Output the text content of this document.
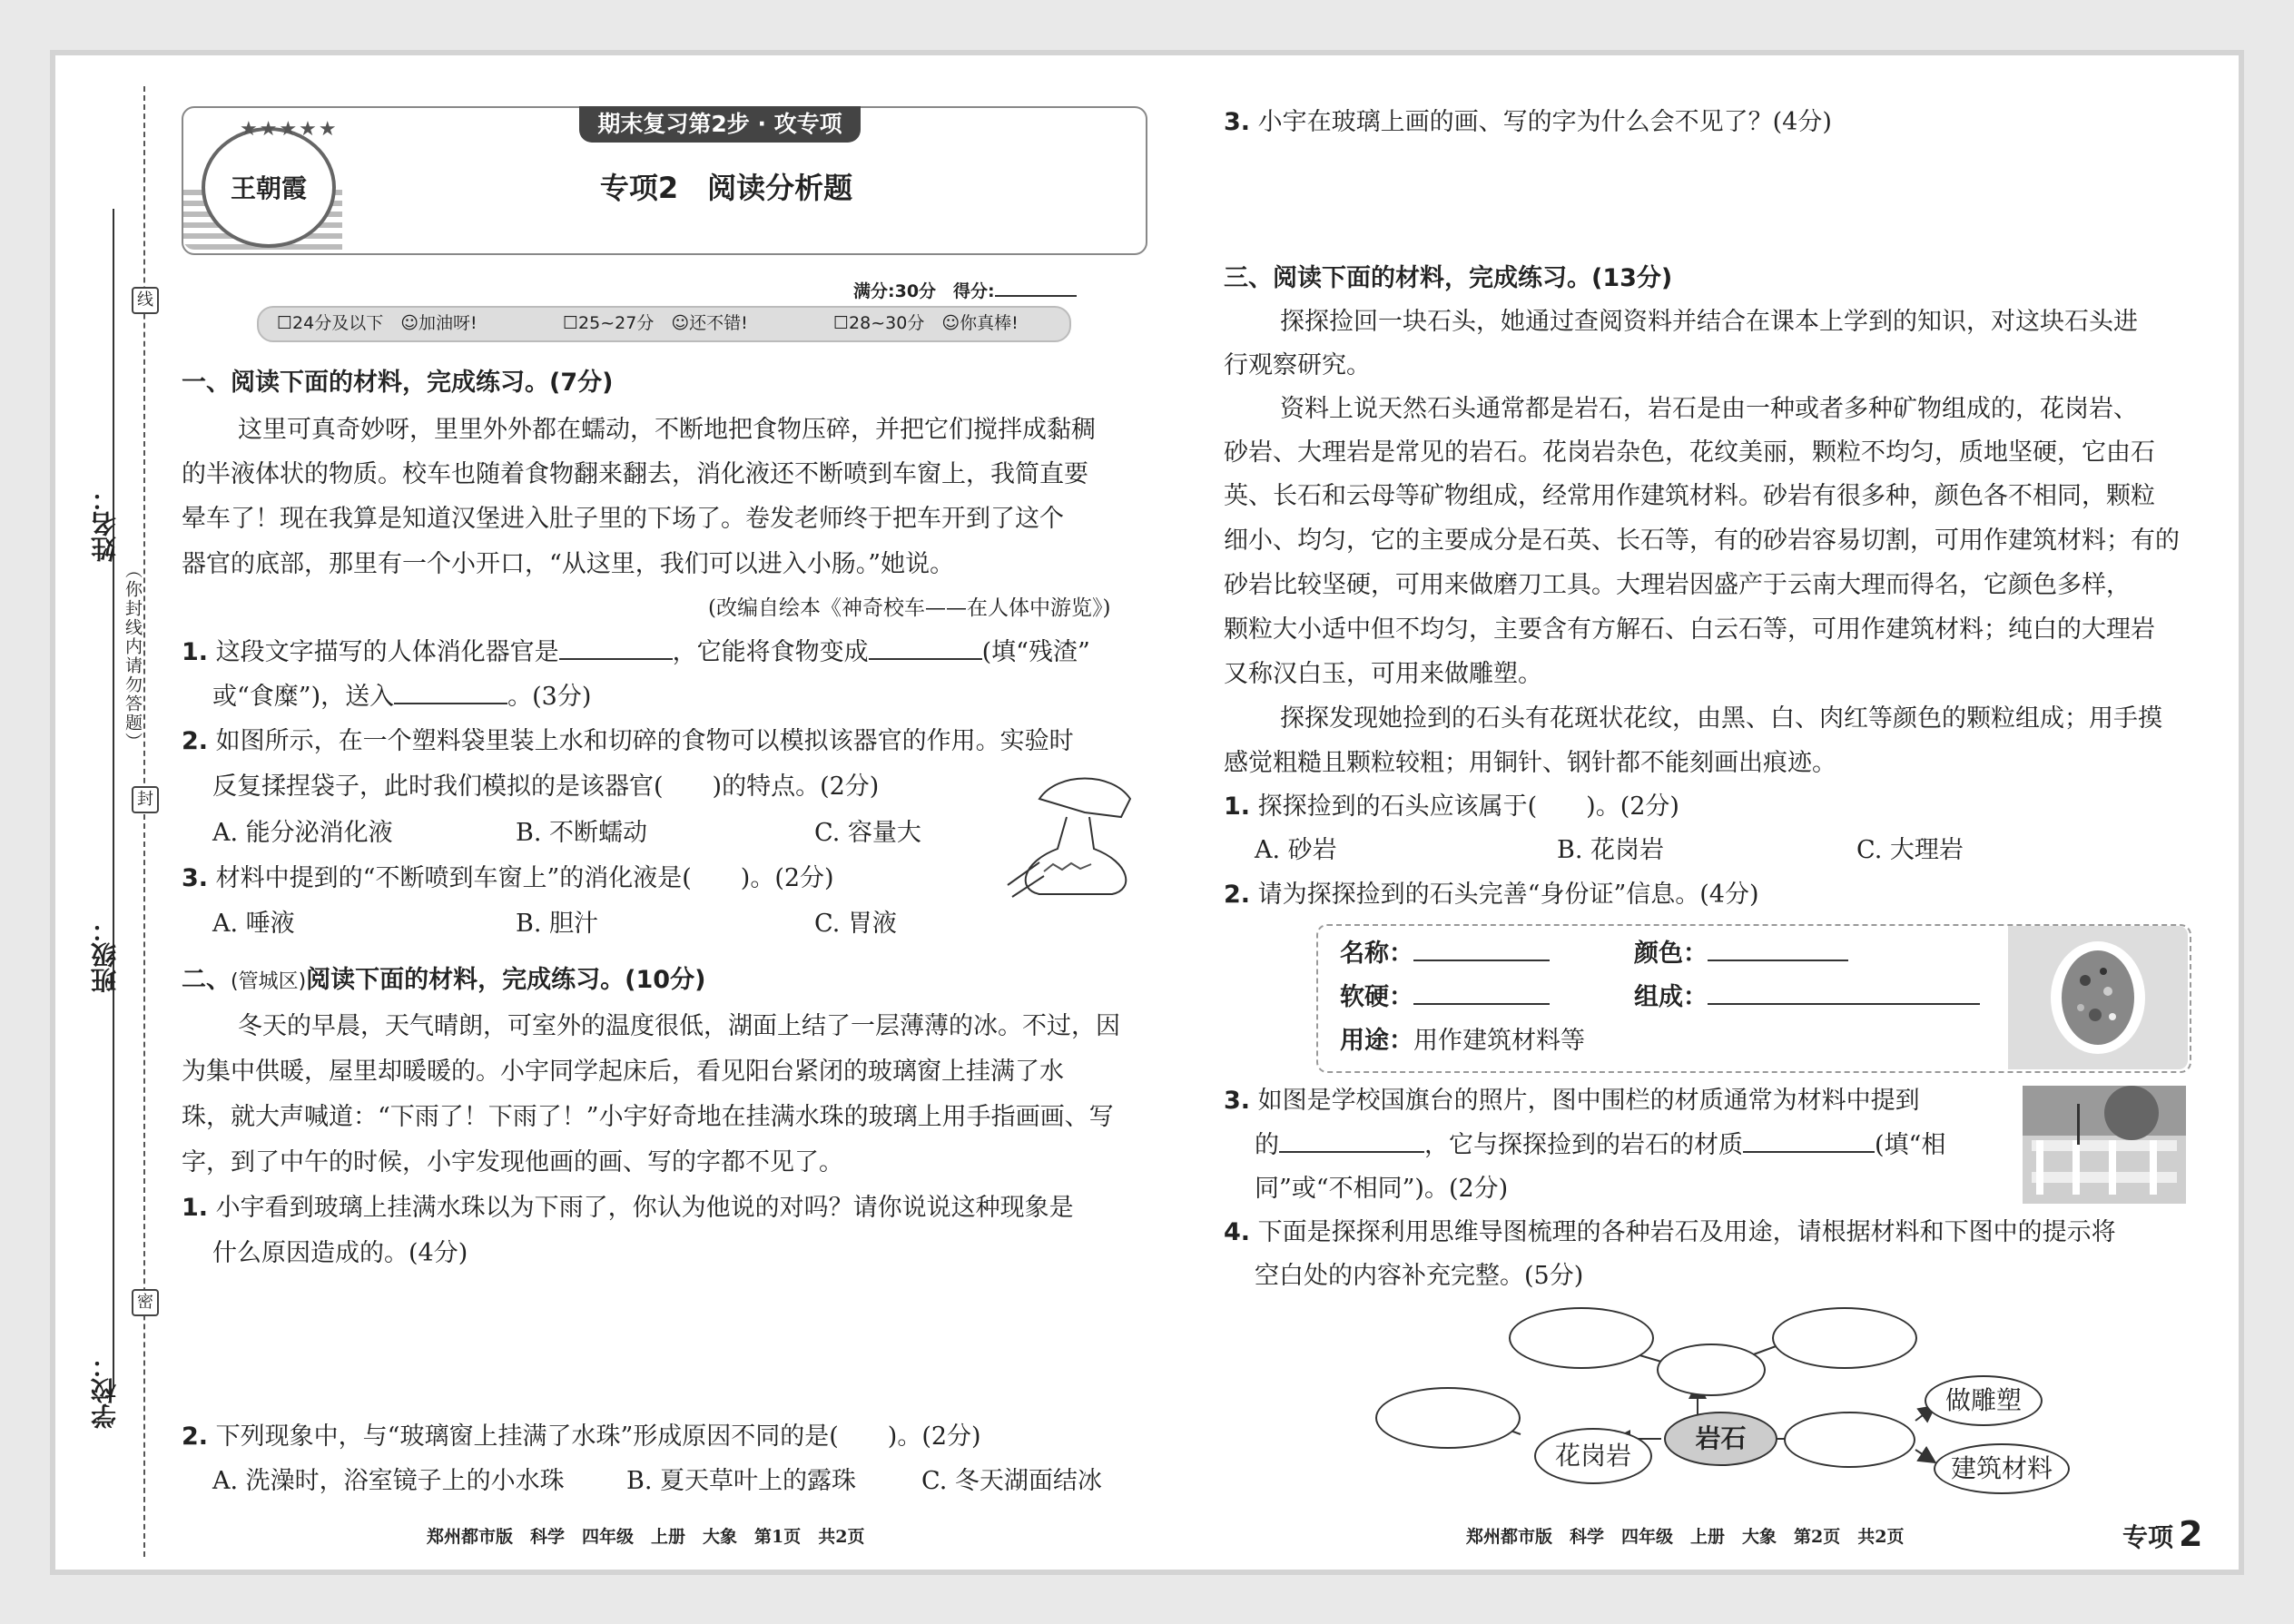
线
封
密
姓名：
班级：
学校：
（你封线内请勿答题）
王朝霞
★★★★★	期末复习第2步 · 攻专项
专项2　阅读分析题
满分:30分　得分:
☐24分及以下　☺加油呀!	☐25~27分　☺还不错!	☐28~30分　☺你真棒!
一、阅读下面的材料，完成练习。(7分)
这里可真奇妙呀，里里外外都在蠕动，不断地把食物压碎，并把它们搅拌成黏稠
的半液体状的物质。校车也随着食物翻来翻去，消化液还不断喷到车窗上，我简直要
晕车了！现在我算是知道汉堡进入肚子里的下场了。卷发老师终于把车开到了这个
器官的底部，那里有一个小开口，“从这里，我们可以进入小肠。”她说。
(改编自绘本《神奇校车——在人体中游览》)
1. 这段文字描写的人体消化器官是	，它能将食物变成	(填“残渣”
或“食糜”)，送入	。(3分)
2. 如图所示，在一个塑料袋里装上水和切碎的食物可以模拟该器官的作用。实验时
反复揉捏袋子，此时我们模拟的是该器官(　　)的特点。(2分)
A. 能分泌消化液	B. 不断蠕动	C. 容量大
3. 材料中提到的“不断喷到车窗上”的消化液是(　　)。(2分)
A. 唾液	B. 胆汁	C. 胃液
二、(管城区)阅读下面的材料，完成练习。(10分)
冬天的早晨，天气晴朗，可室外的温度很低，湖面上结了一层薄薄的冰。不过，因
为集中供暖，屋里却暖暖的。小宇同学起床后，看见阳台紧闭的玻璃窗上挂满了水
珠，就大声喊道：“下雨了！下雨了！”小宇好奇地在挂满水珠的玻璃上用手指画画、写
字，到了中午的时候，小宇发现他画的画、写的字都不见了。
1. 小宇看到玻璃上挂满水珠以为下雨了，你认为他说的对吗？请你说说这种现象是
什么原因造成的。(4分)
2. 下列现象中，与“玻璃窗上挂满了水珠”形成原因不同的是(　　)。(2分)
A. 洗澡时，浴室镜子上的小水珠	B. 夏天草叶上的露珠	C. 冬天湖面结冰
郑州都市版　科学　四年级　上册　大象　第1页　共2页
3. 小宇在玻璃上画的画、写的字为什么会不见了？(4分)
三、阅读下面的材料，完成练习。(13分)
探探捡回一块石头，她通过查阅资料并结合在课本上学到的知识，对这块石头进
行观察研究。
资料上说天然石头通常都是岩石，岩石是由一种或者多种矿物组成的，花岗岩、
砂岩、大理岩是常见的岩石。花岗岩杂色，花纹美丽，颗粒不均匀，质地坚硬，它由石
英、长石和云母等矿物组成，经常用作建筑材料。砂岩有很多种，颜色各不相同，颗粒
细小、均匀，它的主要成分是石英、长石等，有的砂岩容易切割，可用作建筑材料；有的
砂岩比较坚硬，可用来做磨刀工具。大理岩因盛产于云南大理而得名，它颜色多样，
颗粒大小适中但不均匀，主要含有方解石、白云石等，可用作建筑材料；纯白的大理岩
又称汉白玉，可用来做雕塑。
探探发现她捡到的石头有花斑状花纹，由黑、白、肉红等颜色的颗粒组成；用手摸
感觉粗糙且颗粒较粗；用铜针、钢针都不能刻画出痕迹。
1. 探探捡到的石头应该属于(　　)。(2分)
A. 砂岩	B. 花岗岩	C. 大理岩
2. 请为探探捡到的石头完善“身份证”信息。(4分)
名称：	颜色：
软硬：	组成：
用途：用作建筑材料等
3. 如图是学校国旗台的照片，图中围栏的材质通常为材料中提到
的	，它与探探捡到的岩石的材质	(填“相
同”或“不相同”)。(2分)
4. 下面是探探利用思维导图梳理的各种岩石及用途，请根据材料和下图中的提示将
空白处的内容补充完整。(5分)
花岗岩
岩石
做雕塑
建筑材料
郑州都市版　科学　四年级　上册　大象　第2页　共2页	专项 2
